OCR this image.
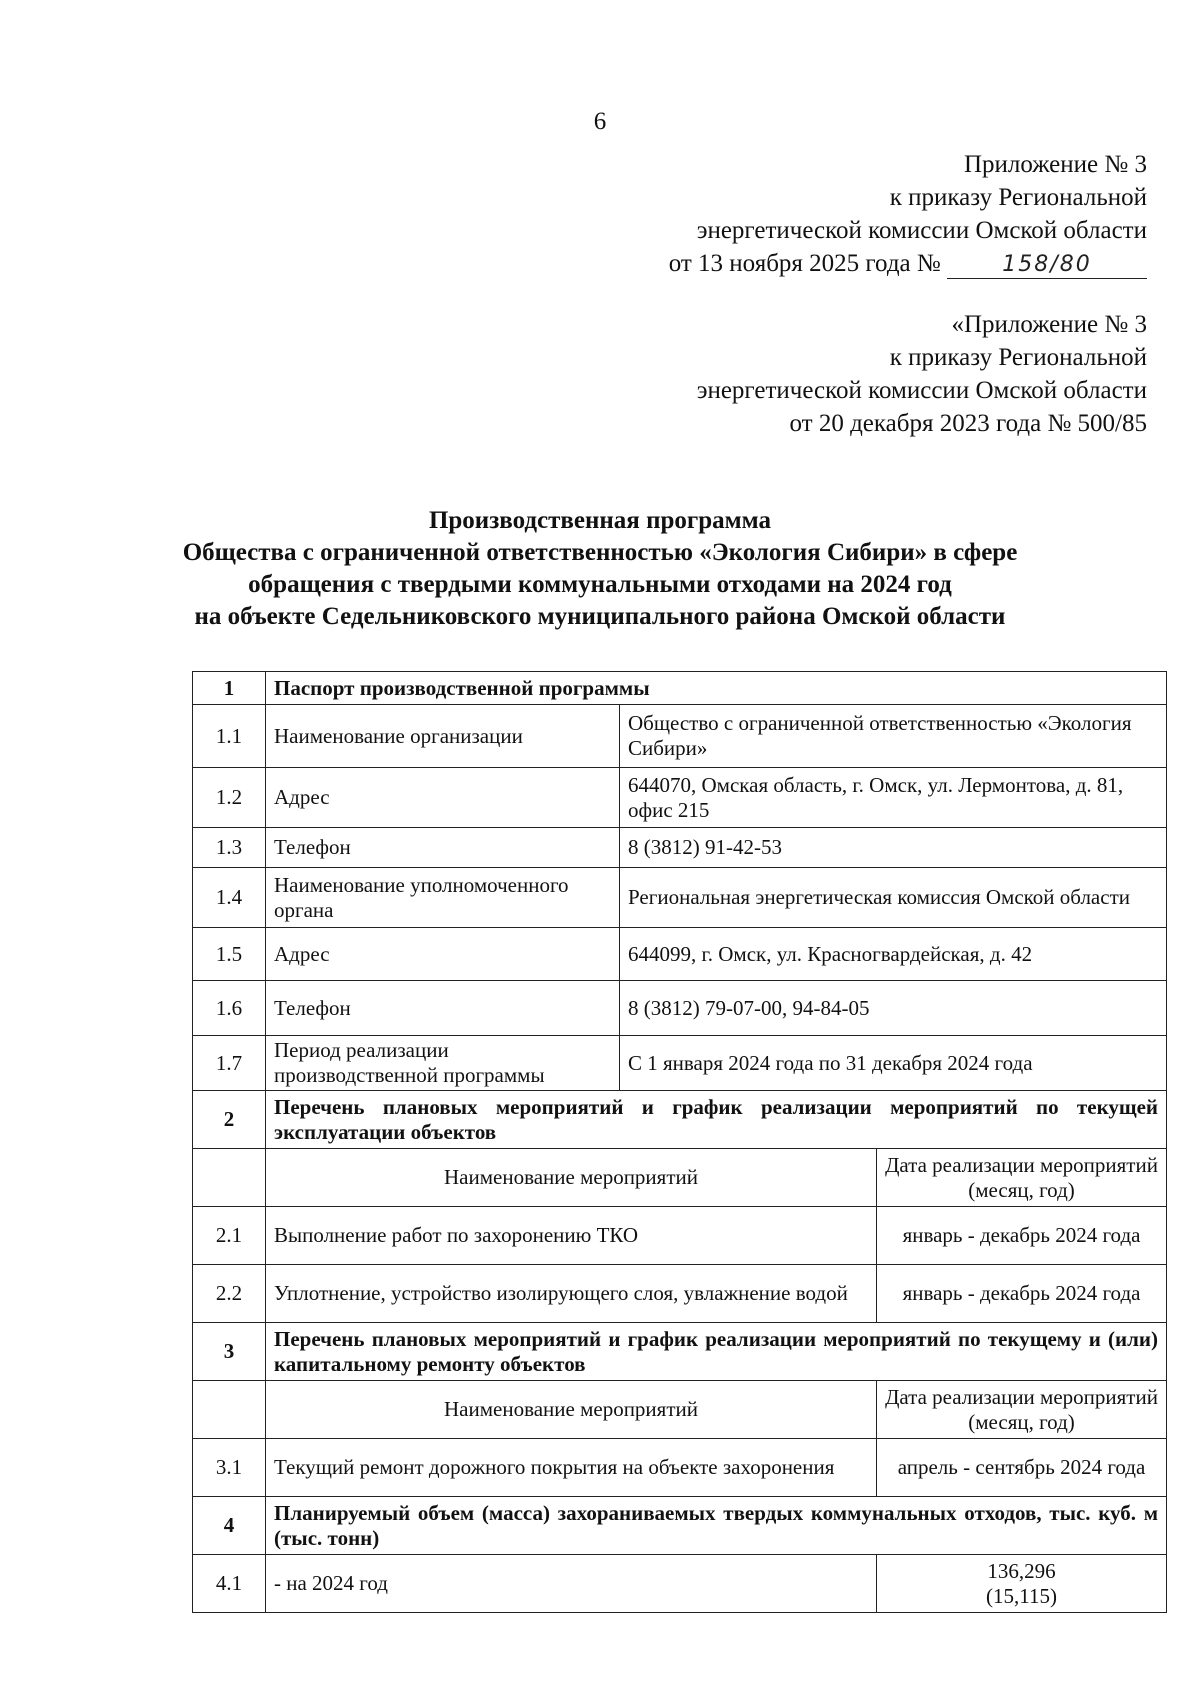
6
Приложение № 3
к приказу Региональной
энергетической комиссии Омской области
от 13 ноября 2025 года №	158/80
«Приложение № 3
к приказу Региональной
энергетической комиссии Омской области
от 20 декабря 2023 года № 500/85
Производственная программа
Общества с ограниченной ответственностью «Экология Сибири» в сфере
обращения с твердыми коммунальными отходами на 2024 год
на объекте Седельниковского муниципального района Омской области
1	Паспорт производственной программы		
1.1	Наименование организации	Общество с ограниченной ответственностью «Экология Сибири»	
1.2	Адрес	644070, Омская область, г. Омск, ул. Лермонтова, д. 81, офис 215	
1.3	Телефон	8 (3812) 91-42-53	
1.4	Наименование уполномоченного органа	Региональная энергетическая комиссия Омской области	
1.5	Адрес	644099, г. Омск, ул. Красногвардейская, д. 42	
1.6	Телефон	8 (3812) 79-07-00, 94-84-05	
1.7	Период реализации производственной программы	С 1 января 2024 года по 31 декабря 2024 года	
2	Перечень плановых мероприятий и график реализации мероприятий по текущей эксплуатации объектов		
	Наименование мероприятий		Дата реализации мероприятий (месяц, год)
2.1	Выполнение работ по захоронению ТКО		январь - декабрь 2024 года
2.2	Уплотнение, устройство изолирующего слоя, увлажнение водой		январь - декабрь 2024 года
3	Перечень плановых мероприятий и график реализации мероприятий по текущему и (или) капитальному ремонту объектов		
	Наименование мероприятий		Дата реализации мероприятий (месяц, год)
3.1	Текущий ремонт дорожного покрытия на объекте захоронения		апрель - сентябрь 2024 года
4	Планируемый объем (масса) захораниваемых твердых коммунальных отходов, тыс. куб. м (тыс. тонн)		
4.1	- на 2024 год		136,296
(15,115)
